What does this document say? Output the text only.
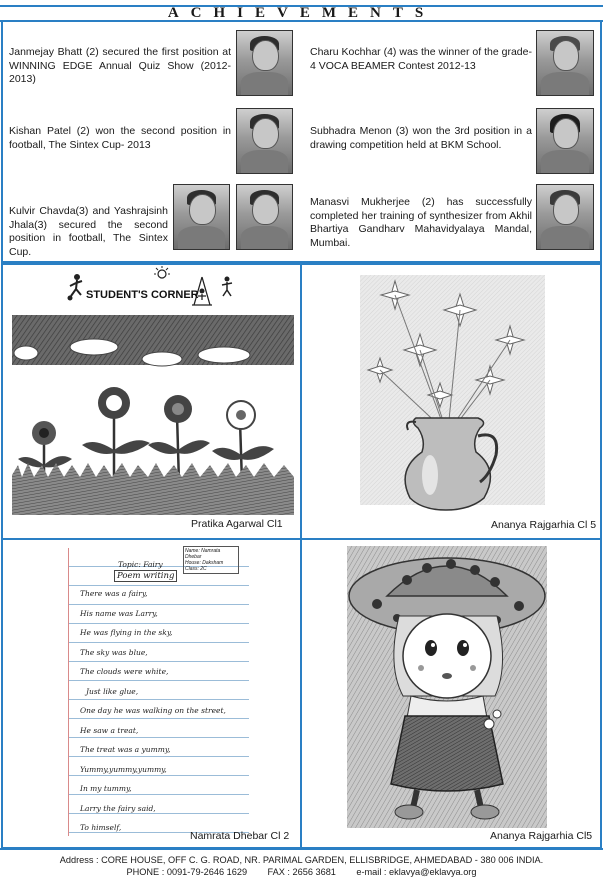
ACHIEVEMENTS
Janmejay Bhatt (2) secured the first position at WINNING EDGE Annual Quiz Show (2012-2013)
Charu Kochhar (4) was the winner of the grade-4 VOCA BEAMER Contest 2012-13
Kishan Patel (2) won the second position in football, The Sintex Cup- 2013
Subhadra Menon (3) won the 3rd position in a drawing competition held at BKM School.
Kulvir Chavda(3) and Yashrajsinh Jhala(3) secured the second position in football, The Sintex Cup.
Manasvi Mukherjee (2) has successfully completed her training of synthesizer from Akhil Bhartiya Gandharv Mahavidyalaya Mandal, Mumbai.
STUDENT'S CORNER
Pratika Agarwal Cl1	Ananya Rajgarhia Cl 5
Topic: Fairy
Poem writing
Name: Namrata
Dhebar
House: Daksham
Class: 2C
There was a fairy,
His name was Larry,
He was flying in the sky,
The sky was blue,
The clouds were white,
Just like glue,
One day he was walking on the street,
He saw a treat,
The treat was a yummy,
Yummy,yummy,yummy,
In my tummy,
Larry the fairy said,
To himself,
Namrata Dhebar Cl 2	Ananya Rajgarhia Cl5
Address : CORE HOUSE, OFF C. G. ROAD, NR. PARIMAL GARDEN, ELLISBRIDGE, AHMEDABAD - 380 006 INDIA.
PHONE : 0091-79-2646 1629        FAX : 2656 3681        e-mail : eklavya@eklavya.org
